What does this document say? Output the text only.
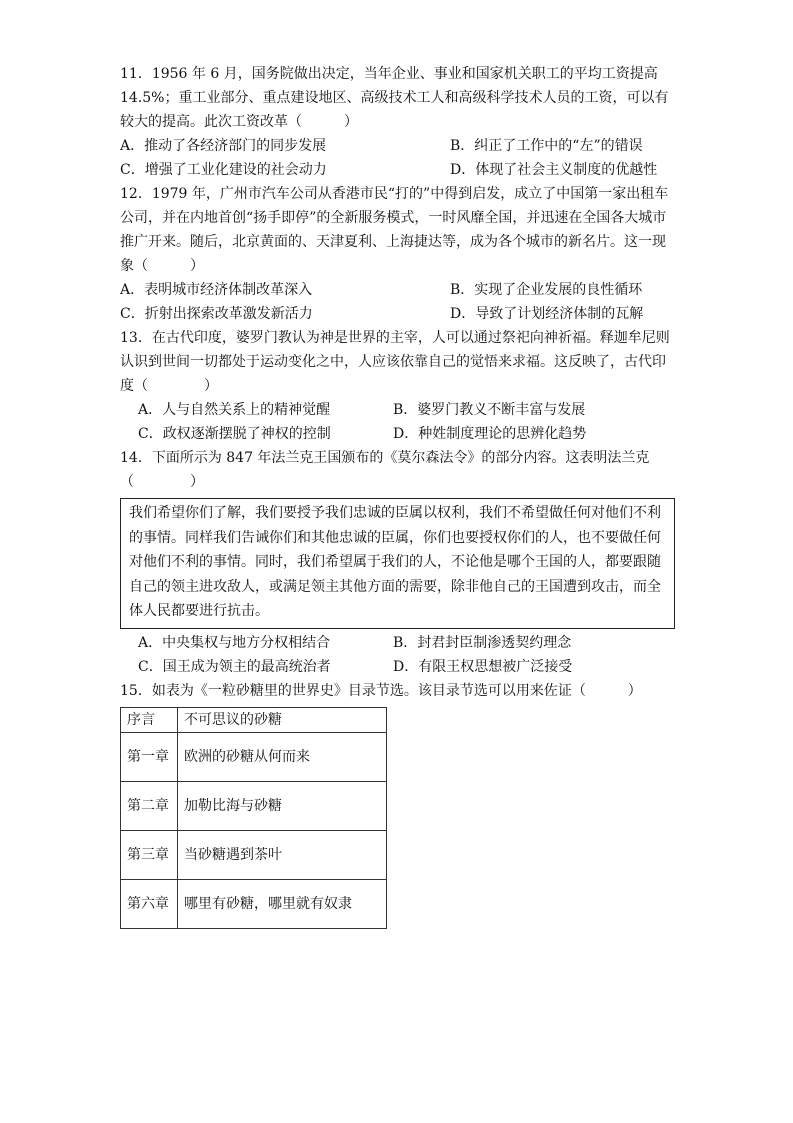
11．1956 年 6 月，国务院做出决定，当年企业、事业和国家机关职工的平均工资提高 14.5%；重工业部分、重点建设地区、高级技术工人和高级科学技术人员的工资，可以有较大的提高。此次工资改革（　　　）

A．推动了各经济部门的同步发展	B．纠正了工作中的“左”的错误
C．增强了工业化建设的社会动力	D．体现了社会主义制度的优越性

12．1979 年，广州市汽车公司从香港市民“打的”中得到启发，成立了中国第一家出租车公司，并在内地首创“扬手即停”的全新服务模式，一时风靡全国，并迅速在全国各大城市推广开来。随后，北京黄面的、天津夏利、上海捷达等，成为各个城市的新名片。这一现象（　　　）

A．表明城市经济体制改革深入	B．实现了企业发展的良性循环
C．折射出探索改革激发新活力	D．导致了计划经济体制的瓦解

13．在古代印度，婆罗门教认为神是世界的主宰，人可以通过祭祀向神祈福。释迦牟尼则认识到世间一切都处于运动变化之中，人应该依靠自己的觉悟来求福。这反映了，古代印度（　　　　）

A．人与自然关系上的精神觉醒	B．婆罗门教义不断丰富与发展
C．政权逐渐摆脱了神权的控制	D．种姓制度理论的思辨化趋势

14．下面所示为 847 年法兰克王国颁布的《莫尔森法令》的部分内容。这表明法兰克（　　　　）

我们希望你们了解，我们要授予我们忠诚的臣属以权利，我们不希望做任何对他们不利的事情。同样我们告诫你们和其他忠诚的臣属，你们也要授权你们的人，也不要做任何对他们不利的事情。同时，我们希望属于我们的人，不论他是哪个王国的人，都要跟随自己的领主进攻敌人，或满足领主其他方面的需要，除非他自己的王国遭到攻击，而全体人民都要进行抗击。
A．中央集权与地方分权相结合	B．封君封臣制渗透契约理念
C．国王成为领主的最高统治者	D．有限王权思想被广泛接受

15．如表为《一粒砂糖里的世界史》目录节选。该目录节选可以用来佐证（　　　）

序言	不可思议的砂糖
第一章	欧洲的砂糖从何而来
第二章	加勒比海与砂糖
第三章	当砂糖遇到茶叶
第六章	哪里有砂糖，哪里就有奴隶
